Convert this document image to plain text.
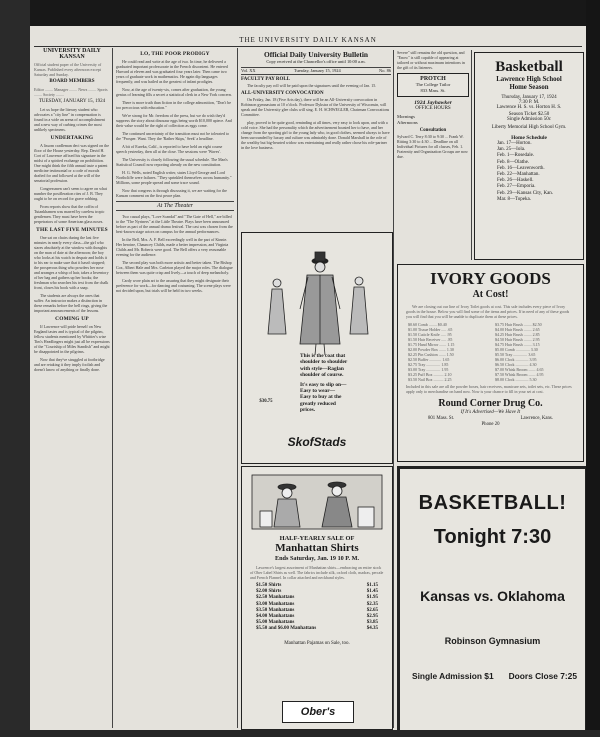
THE UNIVERSITY DAILY KANSAN
UNIVERSITY DAILY KANSAN
Official student paper of the University of Kansas. Published every afternoon except Saturday and Sunday.
BOARD MEMBERS
Editor ........ Manager ........ News ........ Sports ........ Society ........
TUESDAY, JANUARY 15, 1924

Let us hope the literary student who advocates a "city line" in compensation is found in a wide an arena of accomplishment and a new way of curbing crimes the most unlikely specimens.

UNDERTAKING

A lissom cradleman deci was signed on the floor of the House yesterday. Rep. David H. Cort of Lawrence affixed his signature in the midst of a spirited exchange on prohibition. One might think the fifth annual taste a patent medicine testimonial or a code of morals drafted for and followed at the will of the senatorial profession.

Congressmen can't seem to agree on what number the postfleration rites of J. B. They ought to be on record for grave robbing.

From reports show that the coffin of Tutankhamen was marred by careless tropic gentlemen. They must have been the perpetrators of some American glass noses.

THE LAST FIVE MINUTES

One sat on chairs during the last five minutes in nearly every class—the girl who stares absolutely at the window with thoughts on the man of date at the afternoon; the boy who looks at his watch in despair and holds it to his ear to make sure that it hasn't stopped; the prosperous thing who powders her nose and arranges a whisp of hair, takes a Inventory of her bag and gathers up her books; the freshman who searches his text from the chalk front, closes his book with a snap.

The students are always the ones that suffer. An instructor makes a distinction in these remarks before the bell rings, giving the important announcements of the lessons.

COMING UP

If Lawrence will pride herself on New England tastes and is typical of the pilgrim, fellow students mentioned by Whittier's wise Tim's Headlingers might just all be expressions of the "Courtship of Miles Standish" and might be disappointed in the pilgrims.

Now that they've struggled at footbridge and are retaking it they imply foolish and doesn't know of anything or finally done.

LO, THE POOR PRODIGY

He could read and write at the age of two. In time, he delivered a graduated important professorate in the French discontent. He entered Harvard at eleven and was graduated four years later. Then came two years of graduate work in mathematics. He again dip languages frequently, and was hailed as the greatest of infant prodigies.

Now, at the age of twenty-six, comes after graduation, the young genius of learning fills a secret a statistical clerk in a New York concern.

There is more truth than fiction in the college admonition, "Don't be too precocious with education."

We're strong for Mr. freedom of the press, but we do wish they'd suppress the story about dinosaur eggs being worth $10,000 apiece. And their value would be the right of collection as eggs come.

The continued uncertainty of the transition must not be tolerated to the "Prosper. Want. They the 'Rather Skips,' Seek' a headline.

A bit of Eureka, Calif., is reported to have held an eight course speech yesterday, then all at the close. The sessions were 'Waves'.

The University is closely following the usual schedule. The Man's Statistical Council now reporting already on the new constitution.

H. G. Wells, noted English writer, states Lloyd George and Lord Northcliffe were failures. "They sprinkled themselves across humanity." Millions, some people spread and some trace sound.

Now that congress is through discussing it, we are waiting for the Kansan comment on the first peace plan.

At The Theater

Two casual plays, "Love Scandal" and "The Gate of Hell," are billed to the "The Nyriners" at the Little Theatre. Plays have been announced before as part of the annual drama festival. The cast was chosen from the best-known stage actors on campus for the annual performances.

In the Bell, Mrs. A. F. Bell exceedingly well in the part of Kinnie. Her heroine, Chauncey Childs, made a better impression, and Virginia Childs and Mr. Roberts were good. The Bell offers a very reasonable evening for the audience.

The second play was both more artistic and better taken. The Bishop Cox, Albert Hale and Mrs. Carleton played the major roles. The dialogue between them was quite crisp and lively—a touch of deep melancholy.

Cardy wore plain art to the assuring that they might designate their preference for work—for dancing and costuming. The scene plays were not decided upon, but trials will be held in two weeks.

Official Daily University Bulletin
Copy received at the Chancellor's office until 10:00 a.m.
Vol. XX	Tuesday, January 15, 1924	No. 86
FACULTY PAY ROLL

The faculty pay roll will be paid upon the signatures until the evening of Jan. 15.

ALL-UNIVERSITY CONVOCATION

On Friday, Jan. 18 (Five Arts day), there will be an All-University convocation in Robinson gymnasium at 10 o'clock. Professor Dykstra of the University of Wisconsin, will speak and the University glee clubs will sing. E. H. SCHWEGLER, Chairman Convocations Committee.

play, proved to be quite good, reminding at all times, very easy to look upon, and with a cold voice. She had the personality which the advertisement boasted her to have, and her change from the sporting girl to the young lady who, in good clothes, seemed always to have been surrounded by luxury and culture was admirably done. Donald Marshall in the role of the wealthy but big-hearted widow was entertaining and really rather chose his role-partner in the love business.

Severe" still remains the old question, and "Enow" is still capable of appearing at tailored or without maximum intentions in the gift of its listeners.

PROTCH
The College Tailor
833 Mass. St.
1924 Jayhawker
OFFICE HOURS
Mornings
Afternoons
Consultation

Sylvard C. Terry 8:30 to 9:30 ... Frank W. Ritting 3:30 to 4:30 ... Deadline on all Individual Pictures for all classes, Feb. 1. Fraternity and Organization Groups are now due.

Basketball
Lawrence High School
Home Season
Thursday, January 17, 1924
7:30 P. M.
Lawrence H. S. vs. Horton H. S.
Season Ticket $2.50
Single Admission 50c
Liberty Memorial High School Gym.
Home Schedule
Jan. 17—Horton.
Jan. 25—Iola.
Feb. 1—Rosedale.
Feb. 8—Olathe.
Feb. 16—Leavenworth.
Feb. 22—Manhattan.
Feb. 26—Haskell.
Feb. 27—Emporia.
Feb. 29—Kansas City, Kan.
Mar. 8—Topeka.
This is the coat that
shoulder to shoulder
with style—Raglan
shoulder of course.
It's easy to slip on—
Easy to wear—
Easy to buy at the
greatly reduced
prices.
$30.75
SkofStads
IVORY GOODS
At Cost!

We are closing out our line of Ivory Toilet goods at cost. This sale includes every piece of Ivory goods in the house. Below you will find some of the items and prices. If in need of any of these goods you will find that you will be unable to duplicate them at these prices.

$0.60 Comb ........ $0.40
$1.00 Tissue Holder ..... .65
$1.50 Cuticle Knife ..... .95
$1.50 Hair Receiver ..... .85
$1.75 Hand Mirror ....... 1.15
$2.00 Powder Box ....... 1.30
$2.25 Pin Cushion ....... 1.50
$2.50 Buffer ............ 1.65
$2.75 Tray .............. 1.85
$3.00 Tray .............. 1.95
$3.25 Puff Box .......... 2.10
$3.50 Nail Box .......... 2.25
$3.75 Hair Brush ........ $2.50
$4.00 Hair Brush ........ 2.65
$4.25 Hair Brush ........ 2.85
$4.50 Hair Brush ........ 2.95
$4.75 Hair Brush ........ 3.15
$5.00 Comb .............. 3.30
$5.50 Tray .............. 3.65
$6.00 Clock ............. 3.95
$6.50 Clock ............. 4.30
$7.00 Whisk Broom ....... 4.65
$7.50 Whisk Broom ....... 4.95
$8.00 Clock ............. 5.30

Included in this sale are all the powder boxes, hair receivers, manicure sets, toilet sets, etc. These prices apply only to merchandise on hand now. Now is your chance to fill in your set at cost.

Round Corner Drug Co.
If It's Advertised—We Have It
801 Mass. St.	Lawrence, Kans.
Phone 20
HALF-YEARLY SALE OF
Manhattan Shirts
Ends Saturday, Jan. 19 10 P. M.

Lawrence's largest assortment of Manhattan shirts—embracing an entire stock of Ober Label Shirts as well. The fabrics include silk, oxford cloth, madras, percale and French Flannel. In collar attached and neckband styles.

$1.50 Shirts	$1.15
$2.00 Shirts	$1.45
$2.50 Manhattans	$1.95
$3.00 Manhattans	$2.35
$3.50 Manhattans	$2.65
$4.00 Manhattans	$2.95
$5.00 Manhattans	$3.85
$5.50 and $6.00 Manhattans	$4.35
Manhattan Pajamas on Sale, too.
Ober's
BASKETBALL!
Tonight 7:30
Kansas vs. Oklahoma
Robinson Gymnasium
Single Admission $1 Doors Close 7:25
